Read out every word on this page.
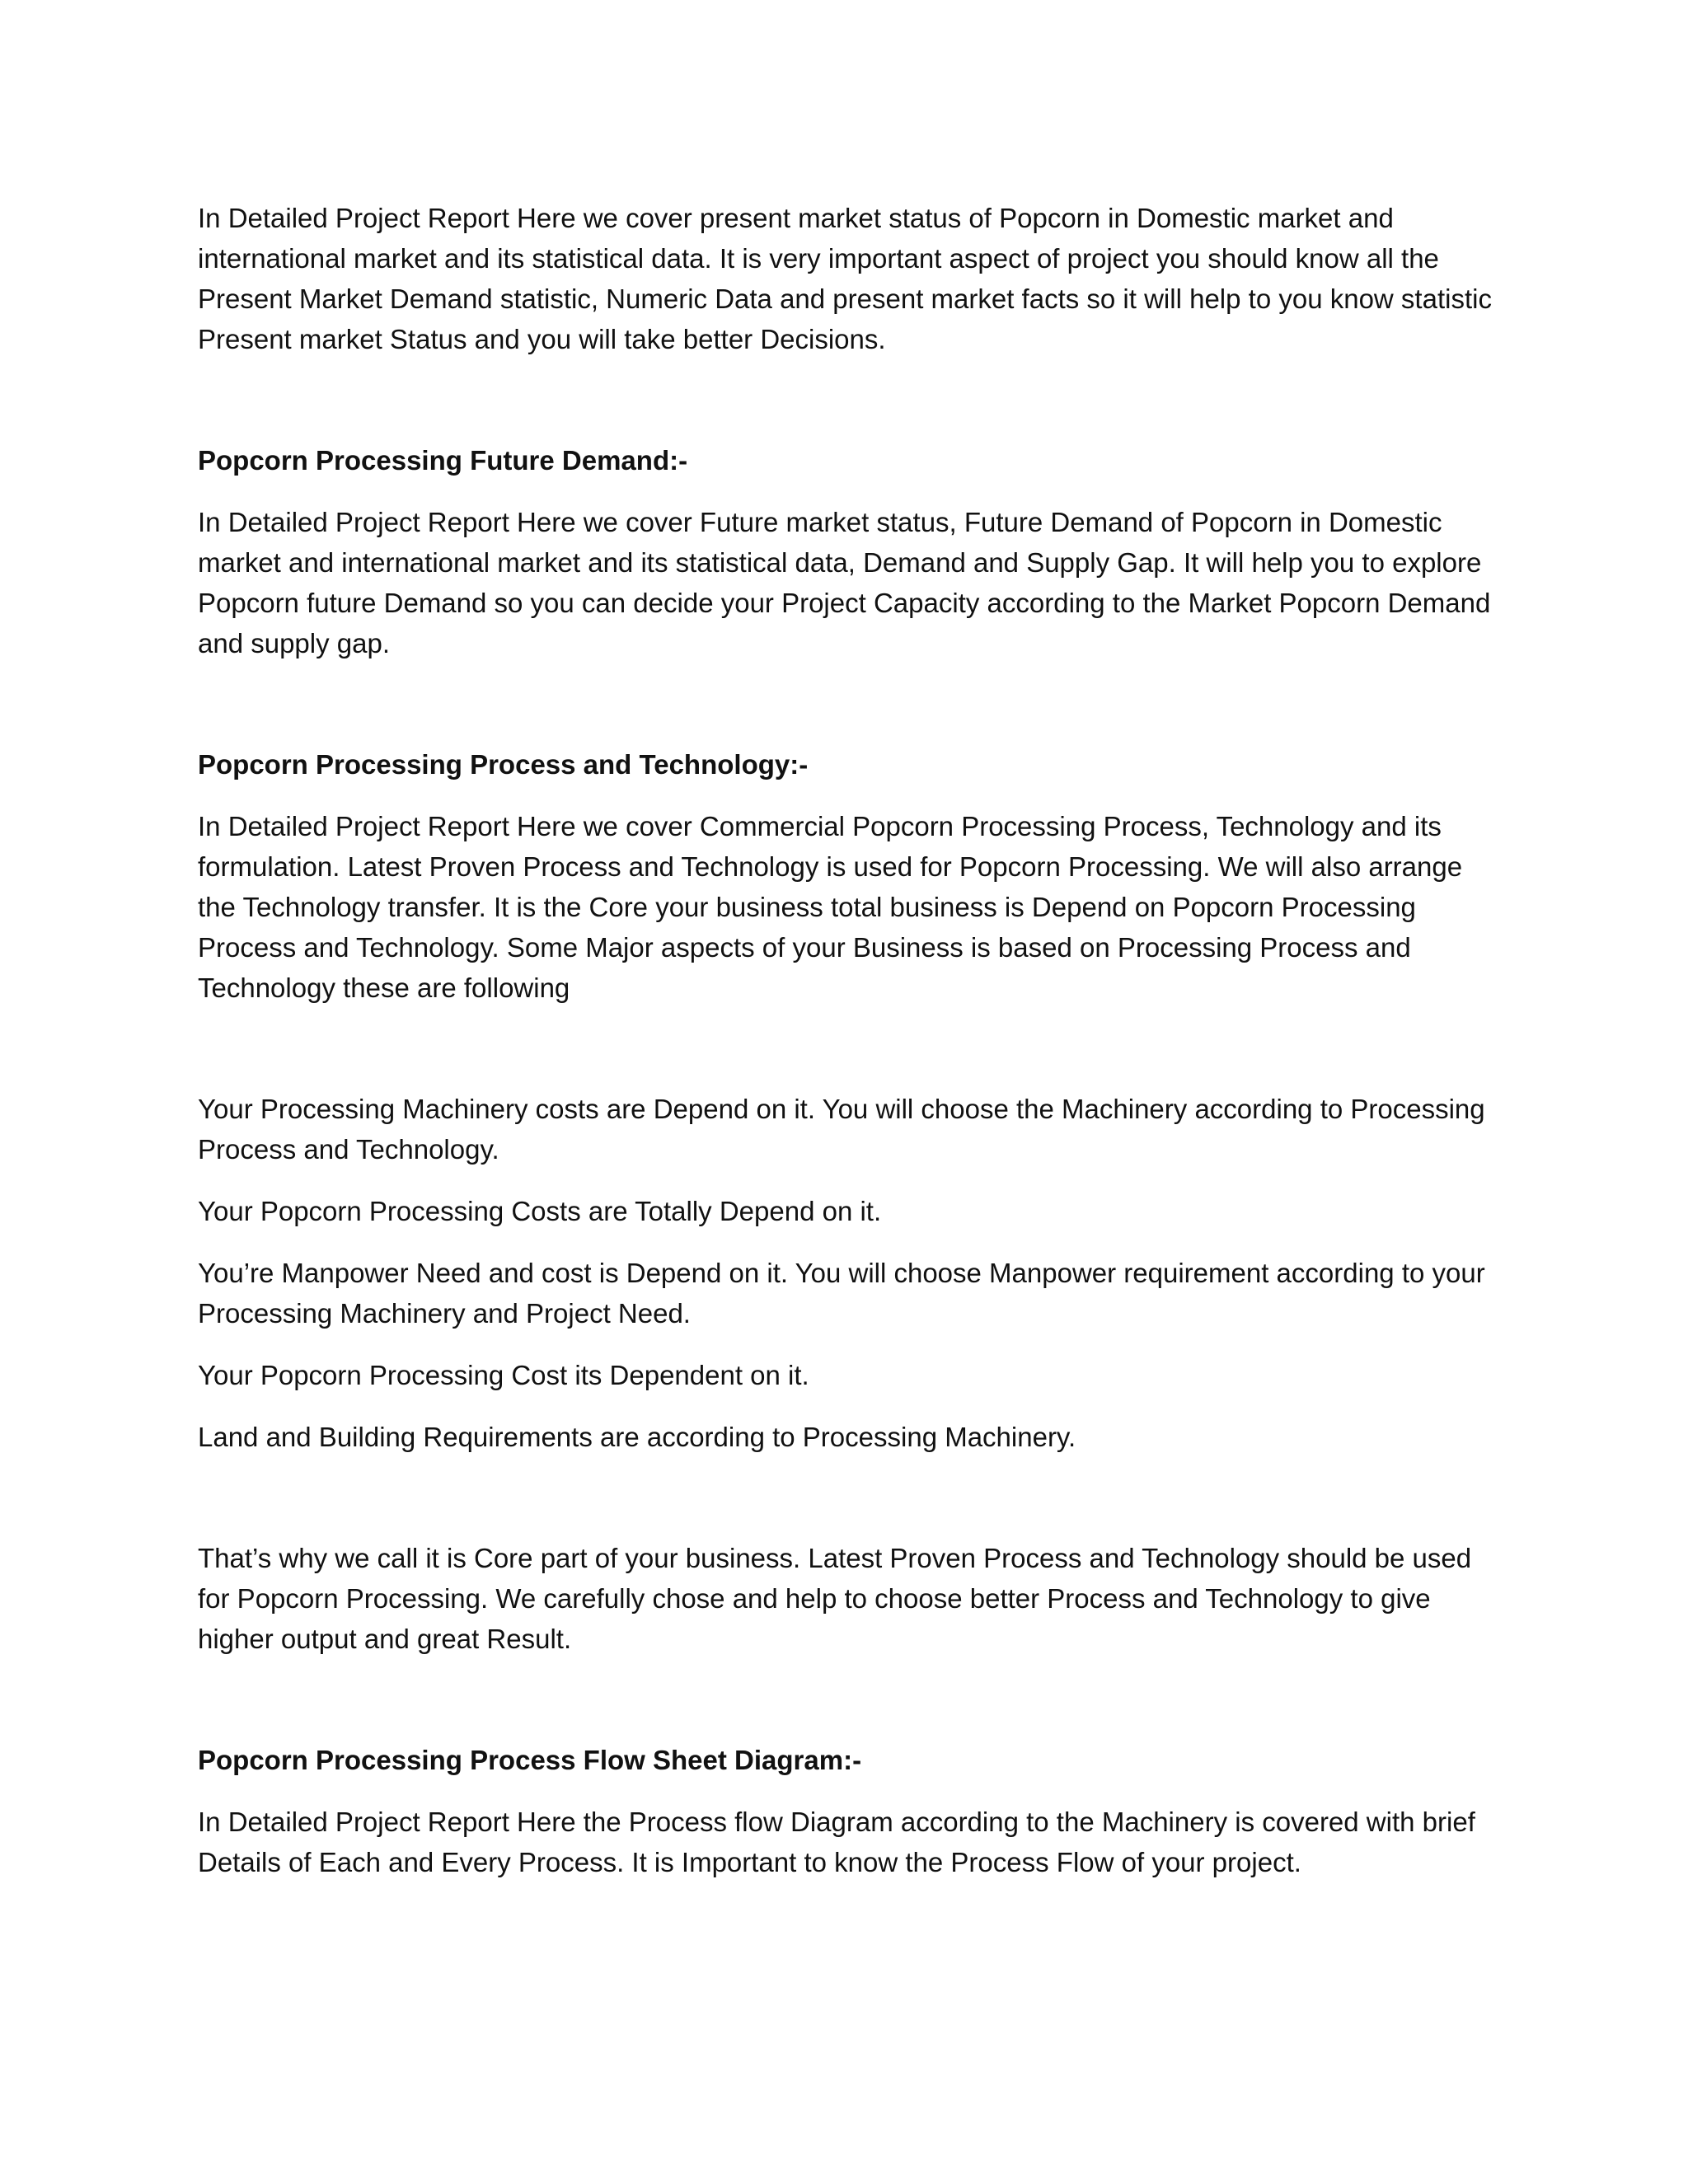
In Detailed Project Report Here we cover present market status of Popcorn in Domestic market and international market and its statistical data. It is very important aspect of project you should know all the Present Market Demand statistic, Numeric Data and present market facts so it will help to you know statistic Present market Status and you will take better Decisions.

Popcorn Processing Future Demand:-

In Detailed Project Report Here we cover Future market status, Future Demand of Popcorn in Domestic market and international market and its statistical data, Demand and Supply Gap. It will help you to explore Popcorn future Demand so you can decide your Project Capacity according to the Market Popcorn Demand and supply gap.

Popcorn Processing Process and Technology:-

In Detailed Project Report Here we cover Commercial Popcorn Processing Process, Technology and its formulation. Latest Proven Process and Technology is used for Popcorn Processing. We will also arrange the Technology transfer. It is the Core your business total business is Depend on Popcorn Processing Process and Technology. Some Major aspects of your Business is based on Processing Process and Technology these are following

Your Processing Machinery costs are Depend on it. You will choose the Machinery according to Processing Process and Technology.

Your Popcorn Processing Costs are Totally Depend on it.

You’re Manpower Need and cost is Depend on it. You will choose Manpower requirement according to your Processing Machinery and Project Need.

Your Popcorn Processing Cost its Dependent on it.

Land and Building Requirements are according to Processing Machinery.

That’s why we call it is Core part of your business. Latest Proven Process and Technology should be used for Popcorn Processing. We carefully chose and help to choose better Process and Technology to give higher output and great Result.

Popcorn Processing Process Flow Sheet Diagram:-

In Detailed Project Report Here the Process flow Diagram according to the Machinery is covered with brief Details of Each and Every Process. It is Important to know the Process Flow of your project.
